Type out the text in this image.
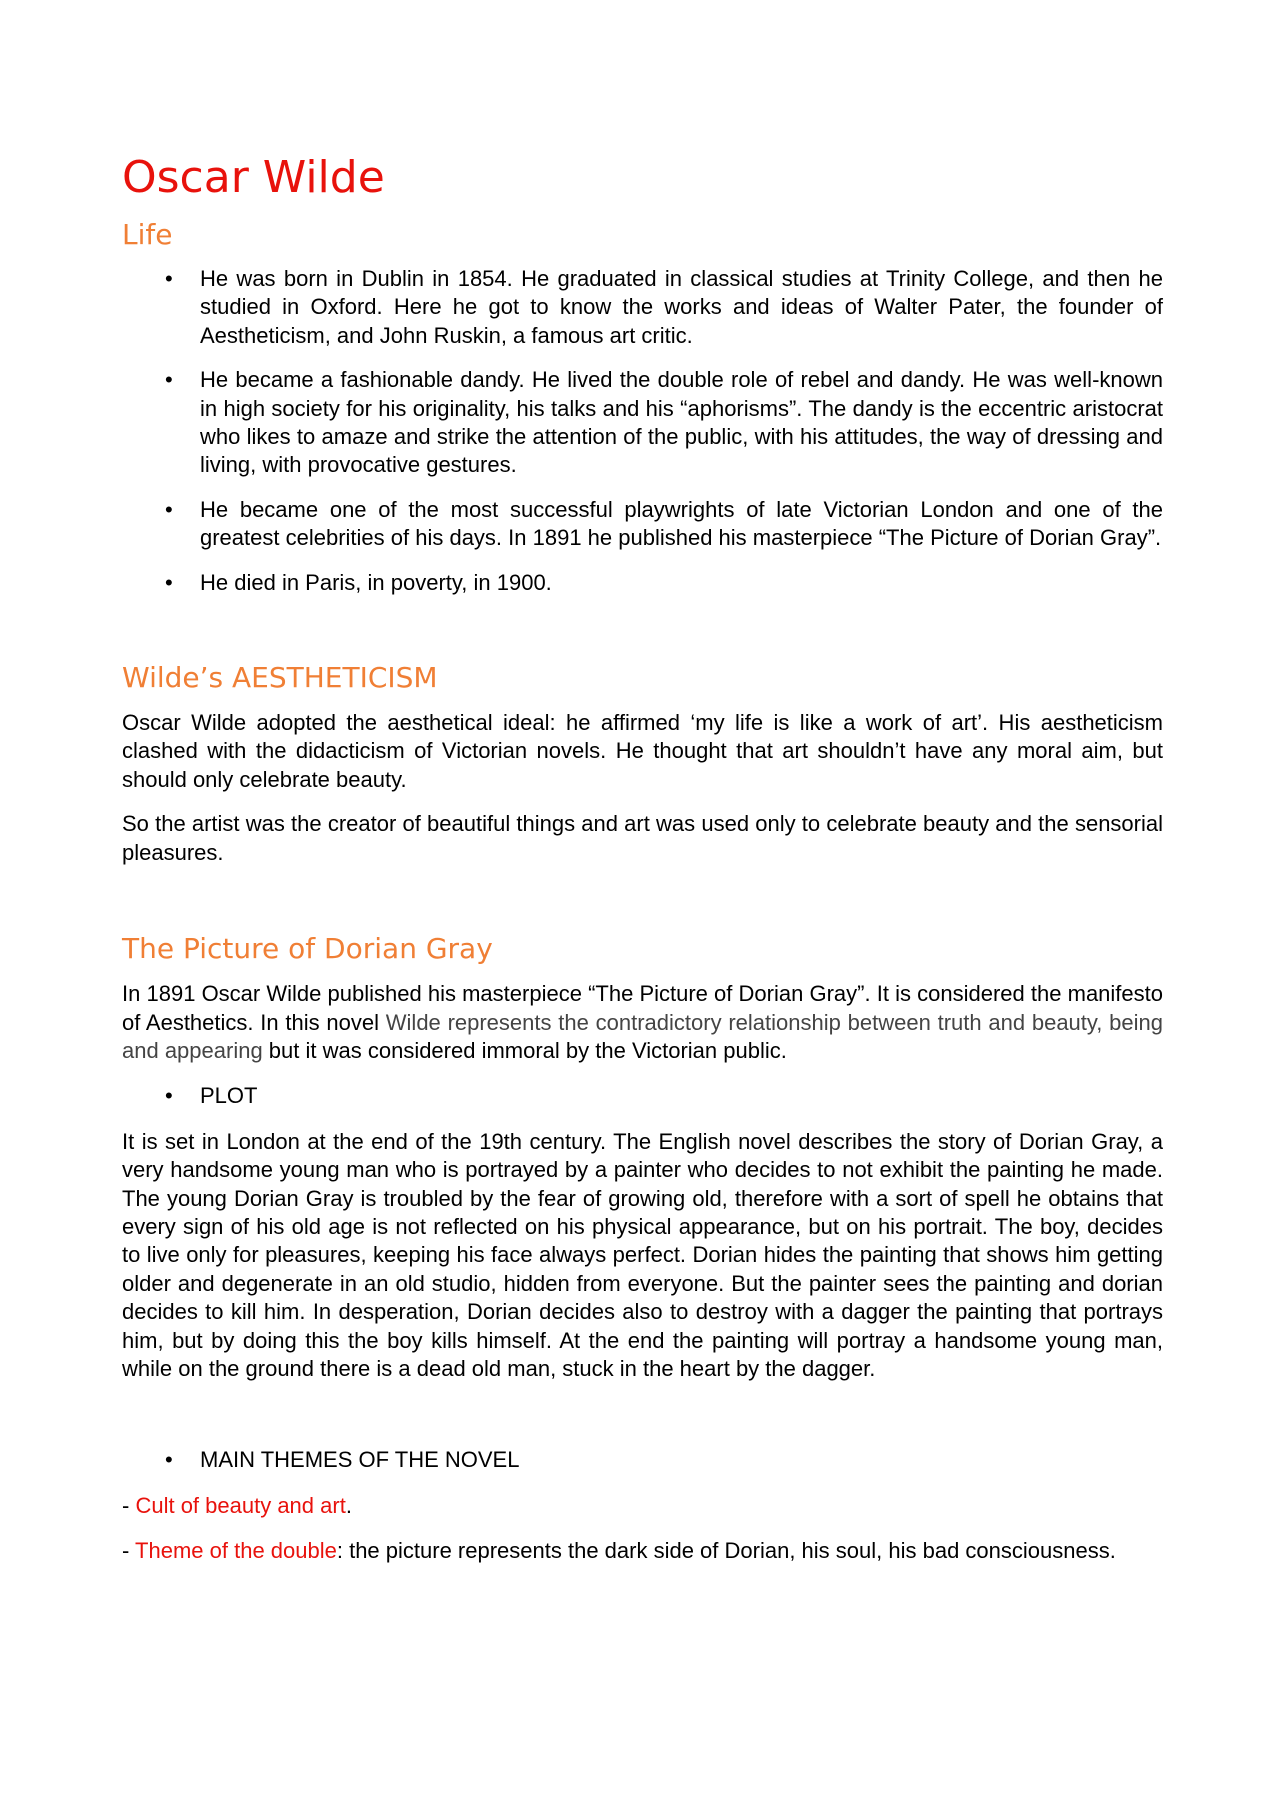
Oscar Wilde
Life
• He was born in Dublin in 1854. He graduated in classical studies at Trinity College, and then he studied in Oxford. Here he got to know the works and ideas of Walter Pater, the founder of Aestheticism, and John Ruskin, a famous art critic.
• He became a fashionable dandy. He lived the double role of rebel and dandy. He was well-known in high society for his originality, his talks and his “aphorisms”. The dandy is the eccentric aristocrat who likes to amaze and strike the attention of the public, with his attitudes, the way of dressing and living, with provocative gestures.
• He became one of the most successful playwrights of late Victorian London and one of the greatest celebrities of his days. In 1891 he published his masterpiece “The Picture of Dorian Gray”.
• He died in Paris, in poverty, in 1900.
Wilde’s AESTHETICISM

Oscar Wilde adopted the aesthetical ideal: he affirmed ‘my life is like a work of art’. His aestheticism clashed with the didacticism of Victorian novels. He thought that art shouldn’t have any moral aim, but should only celebrate beauty.

So the artist was the creator of beautiful things and art was used only to celebrate beauty and the sensorial pleasures.

The Picture of Dorian Gray

In 1891 Oscar Wilde published his masterpiece “The Picture of Dorian Gray”. It is considered the manifesto of Aesthetics. In this novel Wilde represents the contradictory relationship between truth and beauty, being and appearing but it was considered immoral by the Victorian public.

• PLOT

It is set in London at the end of the 19th century. The English novel describes the story of Dorian Gray, a very handsome young man who is portrayed by a painter who decides to not exhibit the painting he made. The young Dorian Gray is troubled by the fear of growing old, therefore with a sort of spell he obtains that every sign of his old age is not reflected on his physical appearance, but on his portrait. The boy, decides to live only for pleasures, keeping his face always perfect. Dorian hides the painting that shows him getting older and degenerate in an old studio, hidden from everyone. But the painter sees the painting and dorian decides to kill him. In desperation, Dorian decides also to destroy with a dagger the painting that portrays him, but by doing this the boy kills himself. At the end the painting will portray a handsome young man, while on the ground there is a dead old man, stuck in the heart by the dagger.

• MAIN THEMES OF THE NOVEL

- Cult of beauty and art.

- Theme of the double: the picture represents the dark side of Dorian, his soul, his bad consciousness.
